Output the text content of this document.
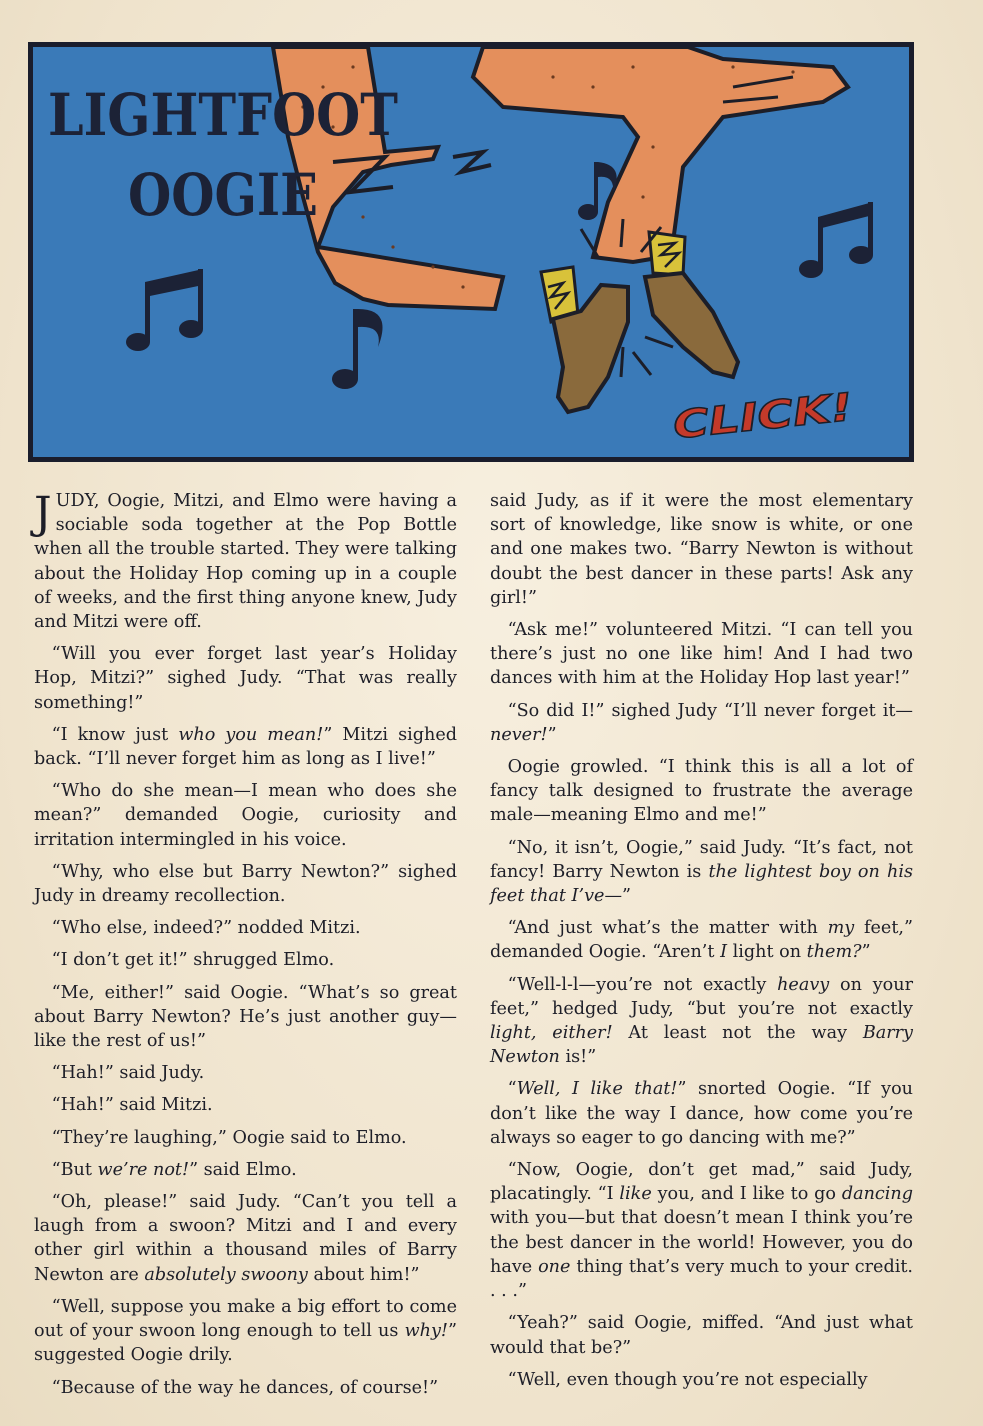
LIGHTFOOT
OOGIE
CLICK!

JUDY, Oogie, Mitzi, and Elmo were having a sociable soda together at the Pop Bottle when all the trouble started. They were talking about the Holiday Hop coming up in a couple of weeks, and the first thing anyone knew, Judy and Mitzi were off.

“Will you ever forget last year’s Holiday Hop, Mitzi?” sighed Judy. “That was really something!”

“I know just who you mean!” Mitzi sighed back. “I’ll never forget him as long as I live!”

“Who do she mean—I mean who does she mean?” demanded Oogie, curiosity and irritation intermingled in his voice.

“Why, who else but Barry Newton?” sighed Judy in dreamy recollection.

“Who else, indeed?” nodded Mitzi.

“I don’t get it!” shrugged Elmo.

“Me, either!” said Oogie. “What’s so great about Barry Newton? He’s just another guy—like the rest of us!”

“Hah!” said Judy.

“Hah!” said Mitzi.

“They’re laughing,” Oogie said to Elmo.

“But we’re not!” said Elmo.

“Oh, please!” said Judy. “Can’t you tell a laugh from a swoon? Mitzi and I and every other girl within a thousand miles of Barry Newton are absolutely swoony about him!”

“Well, suppose you make a big effort to come out of your swoon long enough to tell us why!” suggested Oogie drily.

“Because of the way he dances, of course!”

said Judy, as if it were the most elementary sort of knowledge, like snow is white, or one and one makes two. “Barry Newton is without doubt the best dancer in these parts! Ask any girl!”

“Ask me!” volunteered Mitzi. “I can tell you there’s just no one like him! And I had two dances with him at the Holiday Hop last year!”

“So did I!” sighed Judy “I’ll never forget it—never!”

Oogie growled. “I think this is all a lot of fancy talk designed to frustrate the average male—meaning Elmo and me!”

“No, it isn’t, Oogie,” said Judy. “It’s fact, not fancy! Barry Newton is the lightest boy on his feet that I’ve—”

“And just what’s the matter with my feet,” demanded Oogie. “Aren’t I light on them?”

“Well-l-l—you’re not exactly heavy on your feet,” hedged Judy, “but you’re not exactly light, either! At least not the way Barry Newton is!”

“Well, I like that!” snorted Oogie. “If you don’t like the way I dance, how come you’re always so eager to go dancing with me?”

“Now, Oogie, don’t get mad,” said Judy, placatingly. “I like you, and I like to go dancing with you—but that doesn’t mean I think you’re the best dancer in the world! However, you do have one thing that’s very much to your credit. . . .”

“Yeah?” said Oogie, miffed. “And just what would that be?”

“Well, even though you’re not especially
